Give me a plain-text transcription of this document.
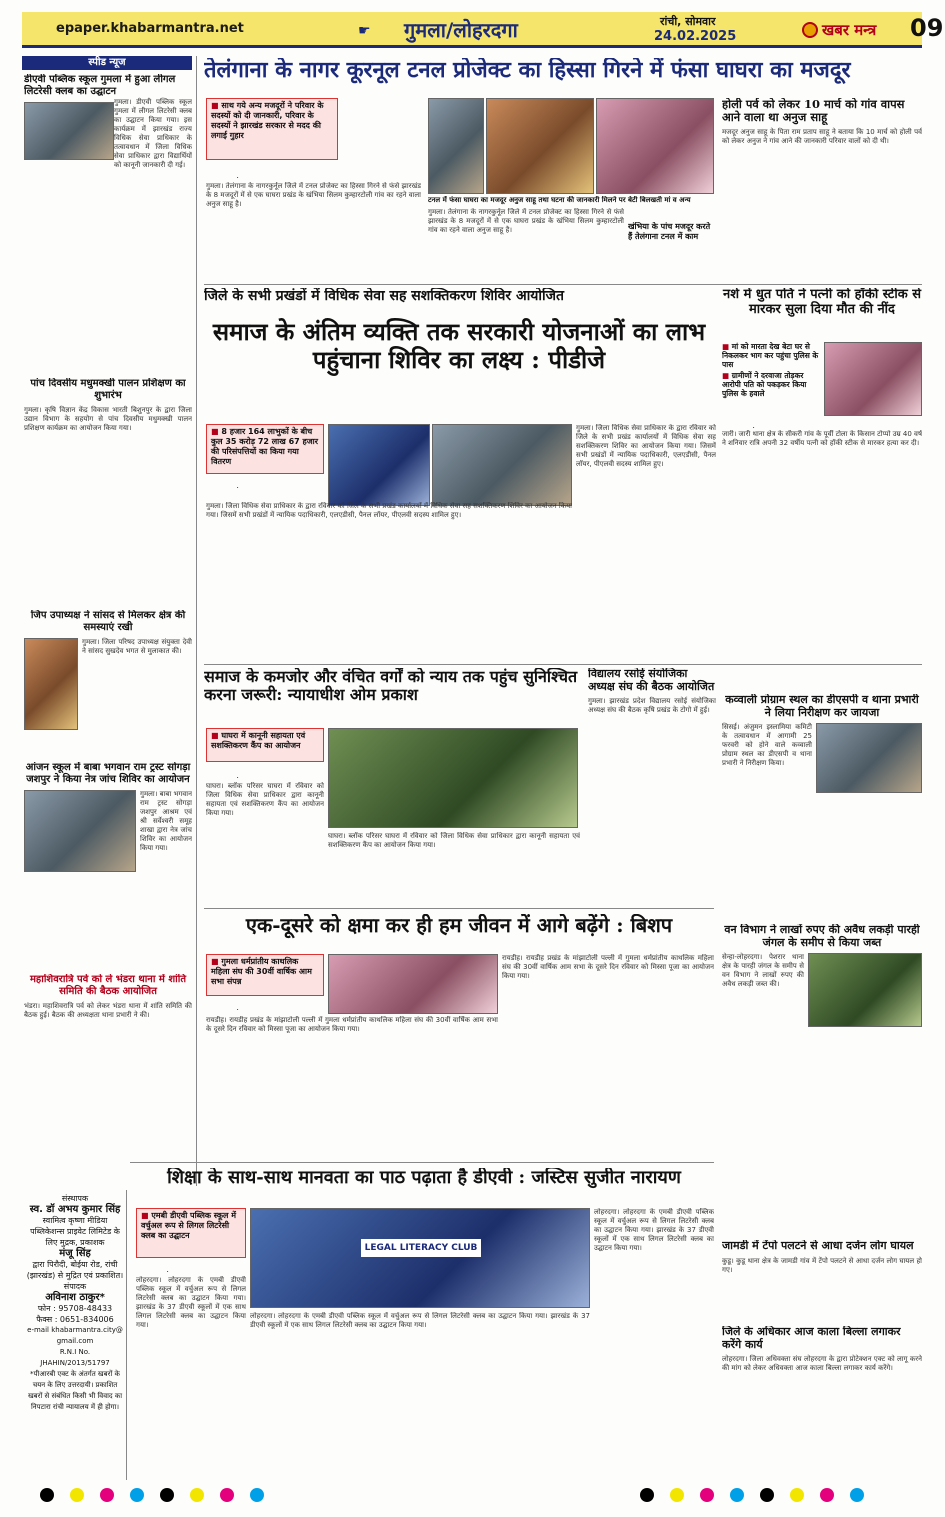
epaper.khabarmantra.net	☛ गुमला/लोहरदगा	रांची, सोमवार
24.02.2025	खबर मन्त्र 09
स्पीड न्यूज
डीएवी पब्लिक स्कूल गुमला में हुआ लीगल लिटरेसी क्लब का उद्घाटन
गुमला। डीएवी पब्लिक स्कूल गुमला में लीगल लिटरेसी क्लब का उद्घाटन किया गया। इस कार्यक्रम में झारखंड राज्य विधिक सेवा प्राधिकार के तत्वावधान में जिला विधिक सेवा प्राधिकार द्वारा विद्यार्थियों को कानूनी जानकारी दी गई।
पांच दिवसीय मधुमक्खी पालन प्रशिक्षण का शुभारंभ
गुमला। कृषि विज्ञान केंद्र विकास भारती बिशुनपुर के द्वारा जिला उद्यान विभाग के सहयोग से पांच दिवसीय मधुमक्खी पालन प्रशिक्षण कार्यक्रम का आयोजन किया गया।
जिप उपाध्यक्ष ने सांसद से मिलकर क्षेत्र की समस्याएं रखी
गुमला। जिला परिषद उपाध्यक्ष संयुक्ता देवी ने सांसद सुखदेव भगत से मुलाकात की।
आंजन स्कूल में बाबा भगवान राम ट्रस्ट सोगड़ा जशपुर ने किया नेत्र जांच शिविर का आयोजन
गुमला। बाबा भगवान राम ट्रस्ट सोगड़ा जशपुर आश्रम एवं श्री सर्वेश्वरी समूह शाखा द्वारा नेत्र जांच शिविर का आयोजन किया गया।
महाशिवरात्रि पर्व को ले भंडरा थाना में शांति समिति की बैठक आयोजित
भंडरा। महाशिवरात्रि पर्व को लेकर भंडरा थाना में शांति समिति की बैठक हुई। बैठक की अध्यक्षता थाना प्रभारी ने की।
संस्थापक
स्व. डॉ अभय कुमार सिंह
स्वामित्व कृष्णा मीडिया पब्लिकेशन्स प्राइवेट लिमिटेड के लिए मुद्रक, प्रकाशक
मंजू सिंह
द्वारा पिरौदी, बोईया रोड, रांची (झारखंड) से मुद्रित एवं प्रकाशित।
संपादक
अविनाश ठाकुर*
फोन : 95708-48433
फैक्स : 0651-834006
e-mail khabarmantra.city@gmail.com
R.N.I No. JHAHIN/2013/51797
*पीआरबी एक्ट के अंतर्गत खबरों के चयन के लिए उत्तरदायी। प्रकाशित खबरों से संबंधित किसी भी विवाद का निपटारा रांची न्यायालय में ही होगा।
तेलंगाना के नागर कूरनूल टनल प्रोजेक्ट का हिस्सा गिरने में फंसा घाघरा का मजदूर
■ साथ गये अन्य मजदूरों ने परिवार के सदस्यों को दी जानकारी, परिवार के सदस्यों ने झारखंड सरकार से मदद की लगाई गुहार
गुमला। तेलंगाना के नागरकुर्नूल जिले में टनल प्रोजेक्ट का हिस्सा गिरने से फंसे झारखंड के 8 मजदूरों में से एक घाघरा प्रखंड के खंभिया सिलम कुम्हारटोली गांव का रहने वाला अनुज साहू है।	टनल में फंसा घाघरा का मजदूर अनुज साहू तथा घटना की जानकारी मिलने पर बेटी बिलखती मां व अन्य
गुमला। तेलंगाना के नागरकुर्नूल जिले में टनल प्रोजेक्ट का हिस्सा गिरने से फंसे झारखंड के 8 मजदूरों में से एक घाघरा प्रखंड के खंभिया सिलम कुम्हारटोली गांव का रहने वाला अनुज साहू है।	खंभिया के पांच मजदूर करते हैं तेलंगाना टनल में काम
होली पर्व को लेकर 10 मार्च को गांव वापस आने वाला था अनुज साहू
मजदूर अनुज साहू के पिता राम प्रताप साहू ने बताया कि 10 मार्च को होली पर्व को लेकर अनुज ने गांव आने की जानकारी परिवार वालों को दी थी।
जिले के सभी प्रखंडों में विधिक सेवा सह सशक्तिकरण शिविर आयोजित
समाज के अंतिम व्यक्ति तक सरकारी योजनाओं का लाभ पहुंचाना शिविर का लक्ष्य : पीडीजे
■ 8 हजार 164 लाभुकों के बीच कुल 35 करोड़ 72 लाख 67 हजार की परिसंपत्तियों का किया गया वितरण
गुमला। जिला विधिक सेवा प्राधिकार के द्वारा रविवार को जिले के सभी प्रखंड कार्यालयों में विधिक सेवा सह सशक्तिकरण शिविर का आयोजन किया गया। जिसमें सभी प्रखंडों में न्यायिक पदाधिकारी, एलएडीसी, पैनल लॉयर, पीएलवी सदस्य शामिल हुए।
गुमला। जिला विधिक सेवा प्राधिकार के द्वारा रविवार को जिले के सभी प्रखंड कार्यालयों में विधिक सेवा सह सशक्तिकरण शिविर का आयोजन किया गया। जिसमें सभी प्रखंडों में न्यायिक पदाधिकारी, एलएडीसी, पैनल लॉयर, पीएलवी सदस्य शामिल हुए।
नशे में धुत पति ने पत्नी को हॉकी स्टीक से मारकर सुला दिया मौत की नींद
■ मां को मारता देख बेटा घर से निकलकर भाग कर पहुंचा पुलिस के पास
■ ग्रामीणों ने दरवाजा तोड़कर आरोपी पति को पकड़कर किया पुलिस के हवाले
जारी। जारी थाना क्षेत्र के सीकरी गांव के पूर्वी टोला के किसान टोप्पो उम्र 40 वर्ष ने शनिवार रात्रि अपनी 32 वर्षीय पत्नी को हॉकी स्टीक से मारकर हत्या कर दी।
समाज के कमजोर और वंचित वर्गों को न्याय तक पहुंच सुनिश्चित करना जरूरी: न्यायाधीश ओम प्रकाश
■ घाघरा में कानूनी सहायता एवं सशक्तिकरण कैंप का आयोजन
घाघरा। ब्लॉक परिसर घाघरा में रविवार को जिला विधिक सेवा प्राधिकार द्वारा कानूनी सहायता एवं सशक्तिकरण कैंप का आयोजन किया गया।
घाघरा। ब्लॉक परिसर घाघरा में रविवार को जिला विधिक सेवा प्राधिकार द्वारा कानूनी सहायता एवं सशक्तिकरण कैंप का आयोजन किया गया।
विद्यालय रसोई संयोजिका अध्यक्ष संघ की बैठक आयोजित
गुमला। झारखंड प्रदेश विद्यालय रसोई संयोजिका अध्यक्ष संघ की बैठक कृषि प्रखंड के टोगो में हुई।
कव्वाली प्रोग्राम स्थल का डीएसपी व थाना प्रभारी ने लिया निरीक्षण कर जायजा
सिसई। अंजुमन इस्लामिया कमिटी के तत्वावधान में आगामी 25 फरवरी को होने वाले कव्वाली प्रोग्राम स्थल का डीएसपी व थाना प्रभारी ने निरीक्षण किया।
एक-दूसरे को क्षमा कर ही हम जीवन में आगे बढ़ेंगे : बिशप
■ गुमला धर्मप्रांतीय काथलिक महिला संघ की 30वीं वार्षिक आम सभा संपन्न
रायडीह। रायडीह प्रखंड के मांझाटोली पल्ली में गुमला धर्मप्रांतीय काथलिक महिला संघ की 30वीं वार्षिक आम सभा के दूसरे दिन रविवार को मिस्सा पूजा का आयोजन किया गया।
रायडीह। रायडीह प्रखंड के मांझाटोली पल्ली में गुमला धर्मप्रांतीय काथलिक महिला संघ की 30वीं वार्षिक आम सभा के दूसरे दिन रविवार को मिस्सा पूजा का आयोजन किया गया।
वन विभाग ने लाखों रुपए की अवैध लकड़ी पारही जंगल के समीप से किया जब्त
सेन्हा-लोहरदगा। पेशरार थाना क्षेत्र के पारही जंगल के समीप से वन विभाग ने लाखों रुपए की अवैध लकड़ी जब्त की।
जामडी में टेंपो पलटने से आधा दर्जन लोग घायल
कुडू। कुडू थाना क्षेत्र के जामडी गांव में टेंपो पलटने से आधा दर्जन लोग घायल हो गए।
जिले के अधिकार आज काला बिल्ला लगाकर करेंगे कार्य
लोहरदगा। जिला अधिवक्ता संघ लोहरदगा के द्वारा प्रोटेक्शन एक्ट को लागू करने की मांग को लेकर अधिवक्ता आज काला बिल्ला लगाकर कार्य करेंगे।
शिक्षा के साथ-साथ मानवता का पाठ पढ़ाता है डीएवी : जस्टिस सुजीत नारायण
■ एमबी डीएवी पब्लिक स्कूल में वर्चुअल रूप से लिगल लिटरेसी क्लब का उद्घाटन
LEGAL LITERACY CLUB
लोहरदगा। लोहरदगा के एमबी डीएवी पब्लिक स्कूल में वर्चुअल रूप से लिगल लिटरेसी क्लब का उद्घाटन किया गया। झारखंड के 37 डीएवी स्कूलों में एक साथ लिगल लिटरेसी क्लब का उद्घाटन किया गया।
लोहरदगा। लोहरदगा के एमबी डीएवी पब्लिक स्कूल में वर्चुअल रूप से लिगल लिटरेसी क्लब का उद्घाटन किया गया। झारखंड के 37 डीएवी स्कूलों में एक साथ लिगल लिटरेसी क्लब का उद्घाटन किया गया।
लोहरदगा। लोहरदगा के एमबी डीएवी पब्लिक स्कूल में वर्चुअल रूप से लिगल लिटरेसी क्लब का उद्घाटन किया गया। झारखंड के 37 डीएवी स्कूलों में एक साथ लिगल लिटरेसी क्लब का उद्घाटन किया गया।
